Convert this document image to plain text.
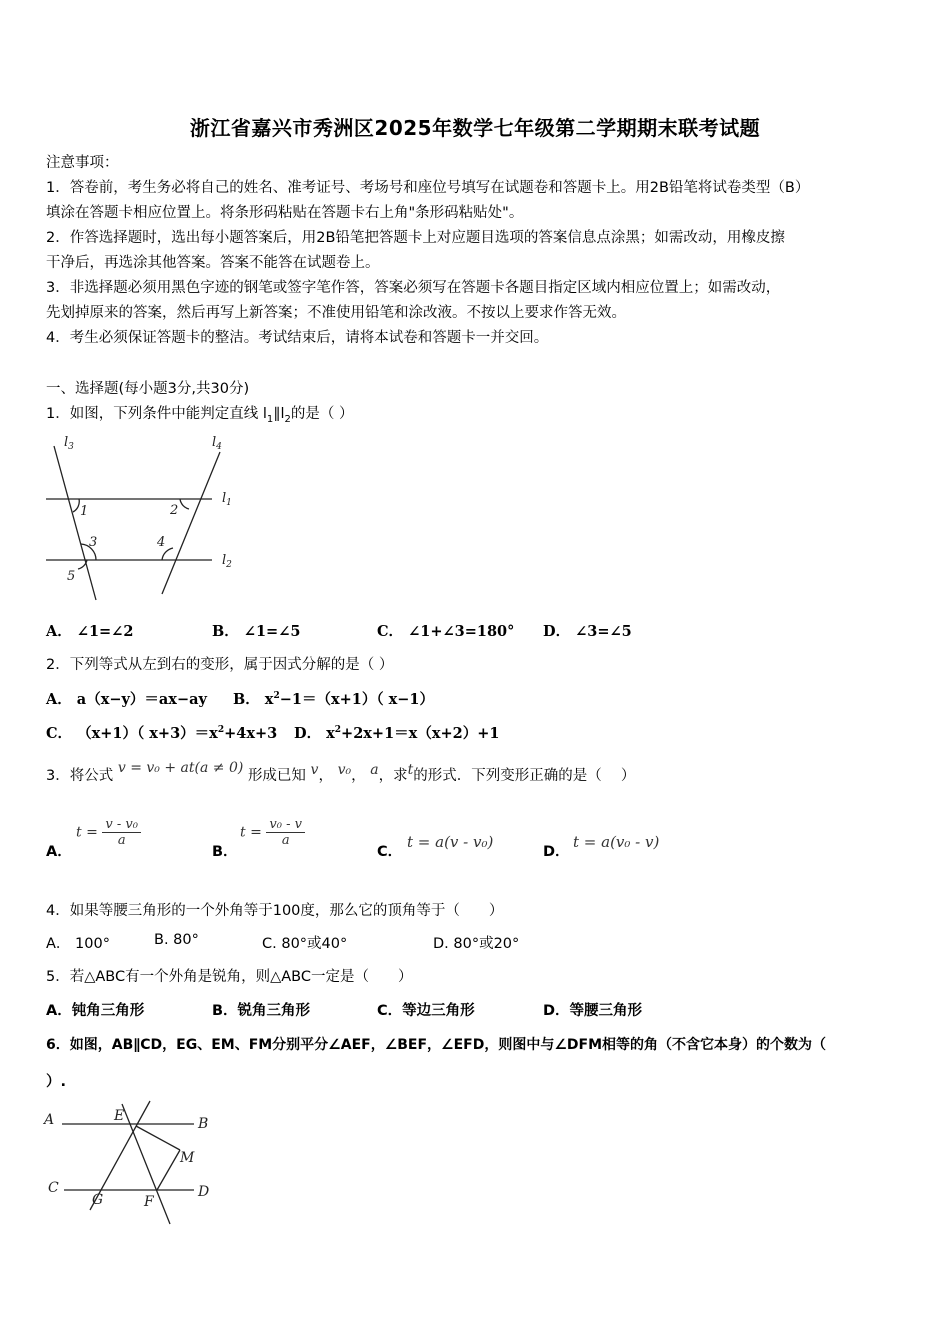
浙江省嘉兴市秀洲区2025年数学七年级第二学期期末联考试题
注意事项：
1．答卷前，考生务必将自己的姓名、准考证号、考场号和座位号填写在试题卷和答题卡上。用2B铅笔将试卷类型（B）
填涂在答题卡相应位置上。将条形码粘贴在答题卡右上角"条形码粘贴处"。
2．作答选择题时，选出每小题答案后，用2B铅笔把答题卡上对应题目选项的答案信息点涂黑；如需改动，用橡皮擦
干净后，再选涂其他答案。答案不能答在试题卷上。
3．非选择题必须用黑色字迹的钢笔或签字笔作答，答案必须写在答题卡各题目指定区域内相应位置上；如需改动，
先划掉原来的答案，然后再写上新答案；不准使用铅笔和涂改液。不按以上要求作答无效。
4．考生必须保证答题卡的整洁。考试结束后，请将本试卷和答题卡一并交回。
一、选择题(每小题3分,共30分)
1．如图，下列条件中能判定直线 $l_1\parallel l_2$的是（ ）
$l_3$	$l_4$
$l_1$
$l_2$
1	2
3	4
5
A． ∠1=∠2	B． ∠1=∠5	C． ∠1+∠3=180° D． ∠3=∠5
2．下列等式从左到右的变形，属于因式分解的是（ ）
A． a（x−y）＝ax−ay B． $x^2-1=(x+1)$（ x−1）
C． （x+1）（ $x+3)=x^2+4x+3$ D． $x^2+2x+1=x(x+2)+1$
3．将公式 v = v₀ + at(a ≠ 0) 形成已知 v， v₀， a，求t的形式．下列变形正确的是（　 ）
A．
$t = \frac{\text{v - v₀}}{a}$
B．
$t = \frac{\text{v₀ - v}}{a}$
C．
t = a(v - v₀)
D．
t = a(v₀ - v)
4．如果等腰三角形的一个外角等于100度，那么它的顶角等于（　　）
A． 100°	B. 80°	C. 80°或40°	D. 80°或20°
5．若△ABC有一个外角是锐角，则△ABC一定是（　　）
A．钝角三角形	B．锐角三角形	C．等边三角形	D．等腰三角形
6．如图，AB∥CD，EG、EM、FM分别平分∠AEF，∠BEF，∠EFD，则图中与∠DFM相等的角（不含它本身）的个数为（
）.
A	B
C	D
E
F
G
M
